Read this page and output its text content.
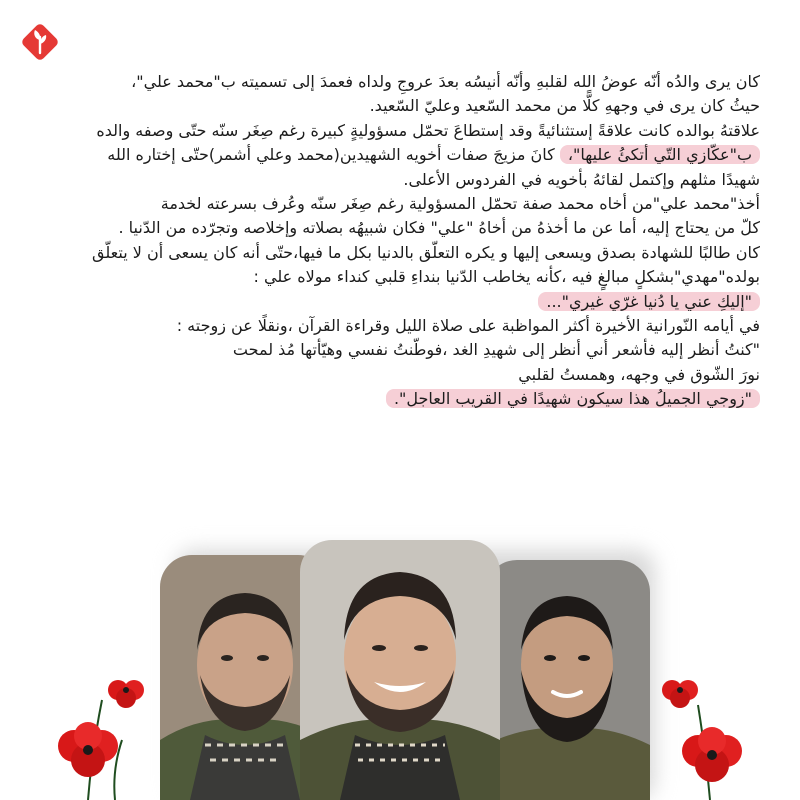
كان يرى والدُه أنّه عوضُ الله لقلبهِ وأنّه أنيسُه بعدَ عروجِ ولداه فعمدَ إلى تسميته ب"محمد علي"،
حيثُ كان يرى في وجههِ كلًّا من محمد السّعيد وعليّ السّعيد.
علاقتهُ بوالده كانت علاقةً إستثنائيةً وقد إستطاعَ تحمّل مسؤوليةٍ كبيرة رغم صِغَر سنّه حتّى وصفه والده
ب"عكّازي التّي أتكئُ عليها"، كانَ مزيجَ صفات أخويه الشهيدين(محمد وعلي أشمر)حتّى إختاره الله
شهيدًا مثلهم وإكتمل لقائهُ بأخويه في الفردوس الأعلى.
أخذ"محمد علي"من أخاه محمد صفة تحمّل المسؤولية رغم صِغَر سنّه وعُرف بسرعته لخدمة
كلّ من يحتاج إليه، أما عن ما أخذهُ من أخاهُ "علي" فكان شبيهُه بصلاته وإخلاصه وتجرّده من الدّنيا .
كان طالبًا للشهادة بصدق ويسعى إليها و يكره التعلّق بالدنيا بكل ما فيها،حتّى أنه كان يسعى أن لا يتعلّق
بولده"مهدي"بشكلٍ مبالغٍ فيه ،كأنه يخاطب الدّنيا بنداءِ قلبي كنداء مولاه علي :
"إليكِ عني يا دُنيا غرّي غيري"...
في أيامه النّورانية الأخيرة أكثر المواظبة على صلاة الليل وقراءة القرآن ،ونقلًا عن زوجته :
"كنتُ أنظر إليه فأشعر أني أنظر إلى شهيدِ الغد ،فوطّنتُ نفسي وهيّأتها مُذ لمحت
نورَ الشّوق في وجهه، وهمستُ لقلبي
"زوجي الجميلُ هذا سيكون شهيدًا في القريب العاجل".
